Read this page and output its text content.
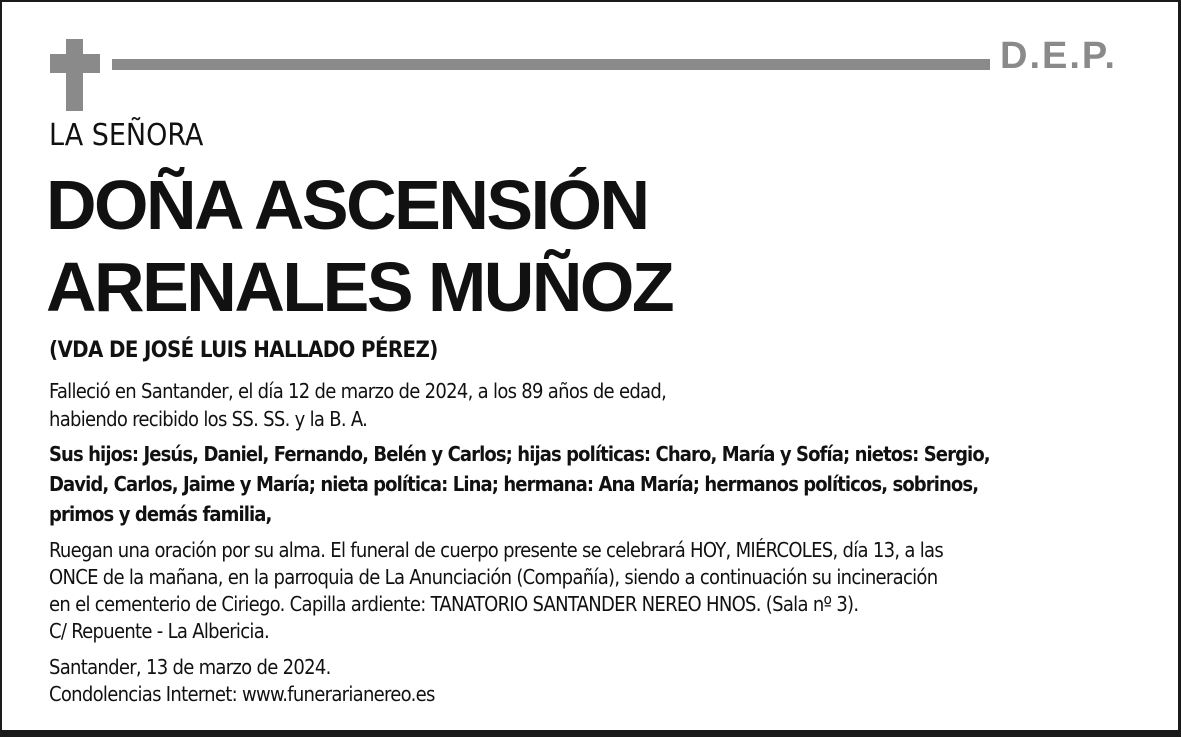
D.E.P.
LA SEÑORA
DOÑA ASCENSIÓN
ARENALES MUÑOZ
(VDA DE JOSÉ LUIS HALLADO PÉREZ)
Falleció en Santander, el día 12 de marzo de 2024, a los 89 años de edad,
habiendo recibido los SS. SS. y la B. A.
Sus hijos: Jesús, Daniel, Fernando, Belén y Carlos; hijas políticas: Charo, María y Sofía; nietos: Sergio,
David, Carlos, Jaime y María; nieta política: Lina; hermana: Ana María; hermanos políticos, sobrinos,
primos y demás familia,
Ruegan una oración por su alma. El funeral de cuerpo presente se celebrará HOY, MIÉRCOLES, día 13, a las
ONCE de la mañana, en la parroquia de La Anunciación (Compañía), siendo a continuación su incineración
en el cementerio de Ciriego. Capilla ardiente: TANATORIO SANTANDER NEREO HNOS. (Sala nº 3).
C/ Repuente - La Albericia.
Santander, 13 de marzo de 2024.
Condolencias Internet: www.funerarianereo.es
